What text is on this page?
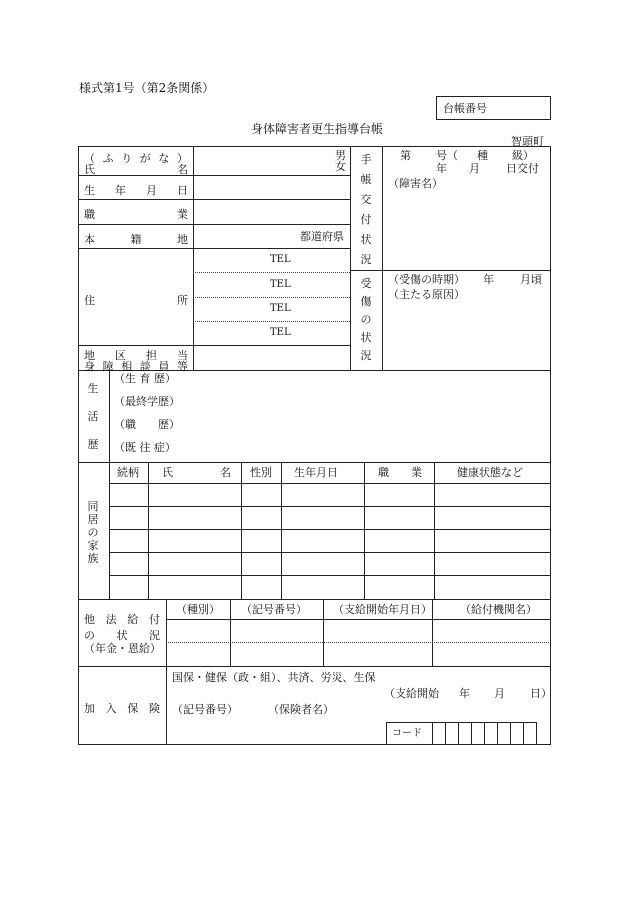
様式第1号（第2条関係）
台帳番号
身体障害者更生指導台帳
智頭町
（ ふ り が な ）
氏	名
男
女
生 年 月 日
職	業
本	籍	地	都道府県
住	所
TEL
TEL
TEL
TEL
地 区 担 当
身 障 相 談 員 等
手
帳
交
付
状
況
第 号（ 種 級）
年 月 日交付
（障害名）
受
傷
の
状
況
（受傷の時期） 年 月頃
（主たる原因）
生
活
歴
（生 育 歴）
（最終学歴）
（職　　歴）
（既 往 症）
同
居
の
家
族
続柄 氏	名 性別 生年月日	職 業	健康状態など
他 法 給 付
の 状 況
（年金・恩給）
（種別） （記号番号） （支給開始年月日）	（給付機関名）
加 入 保 険
国保・健保（政・組）、共済、労災、生保
（支給開始 年 月 日）
（記号番号）	（保険者名）
コード
